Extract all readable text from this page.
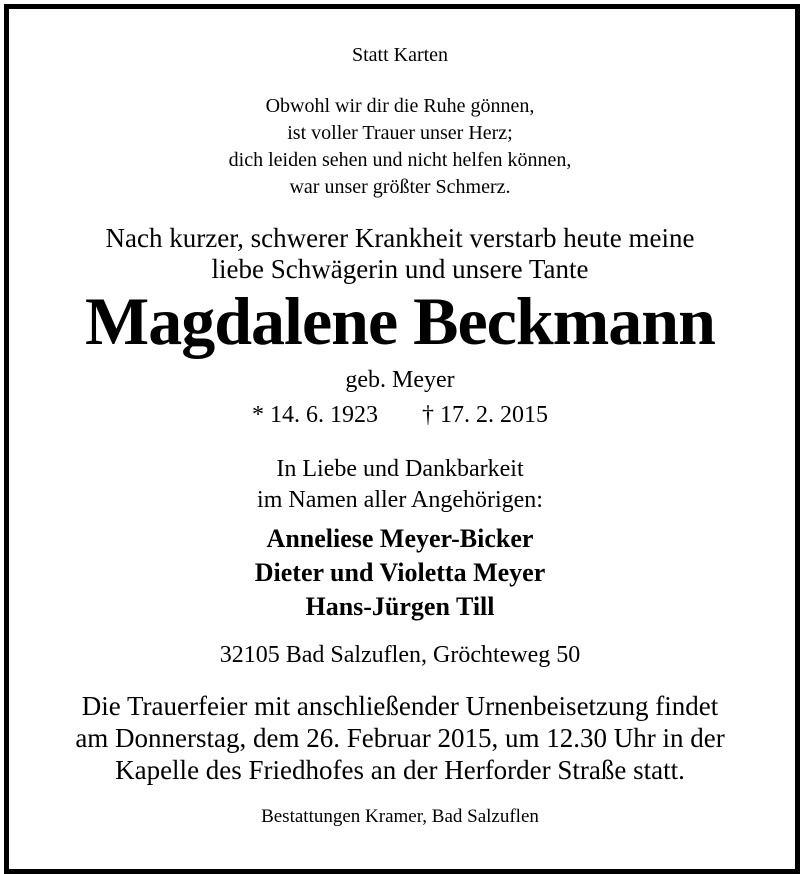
Statt Karten
Obwohl wir dir die Ruhe gönnen,
ist voller Trauer unser Herz;
dich leiden sehen und nicht helfen können,
war unser größter Schmerz.
Nach kurzer, schwerer Krankheit verstarb heute meine
liebe Schwägerin und unsere Tante
Magdalene Beckmann
geb. Meyer
* 14. 6. 1923 † 17. 2. 2015
In Liebe und Dankbarkeit
im Namen aller Angehörigen:
Anneliese Meyer-Bicker
Dieter und Violetta Meyer
Hans-Jürgen Till
32105 Bad Salzuflen, Gröchteweg 50
Die Trauerfeier mit anschließender Urnenbeisetzung findet
am Donnerstag, dem 26. Februar 2015, um 12.30 Uhr in der
Kapelle des Friedhofes an der Herforder Straße statt.
Bestattungen Kramer, Bad Salzuflen
